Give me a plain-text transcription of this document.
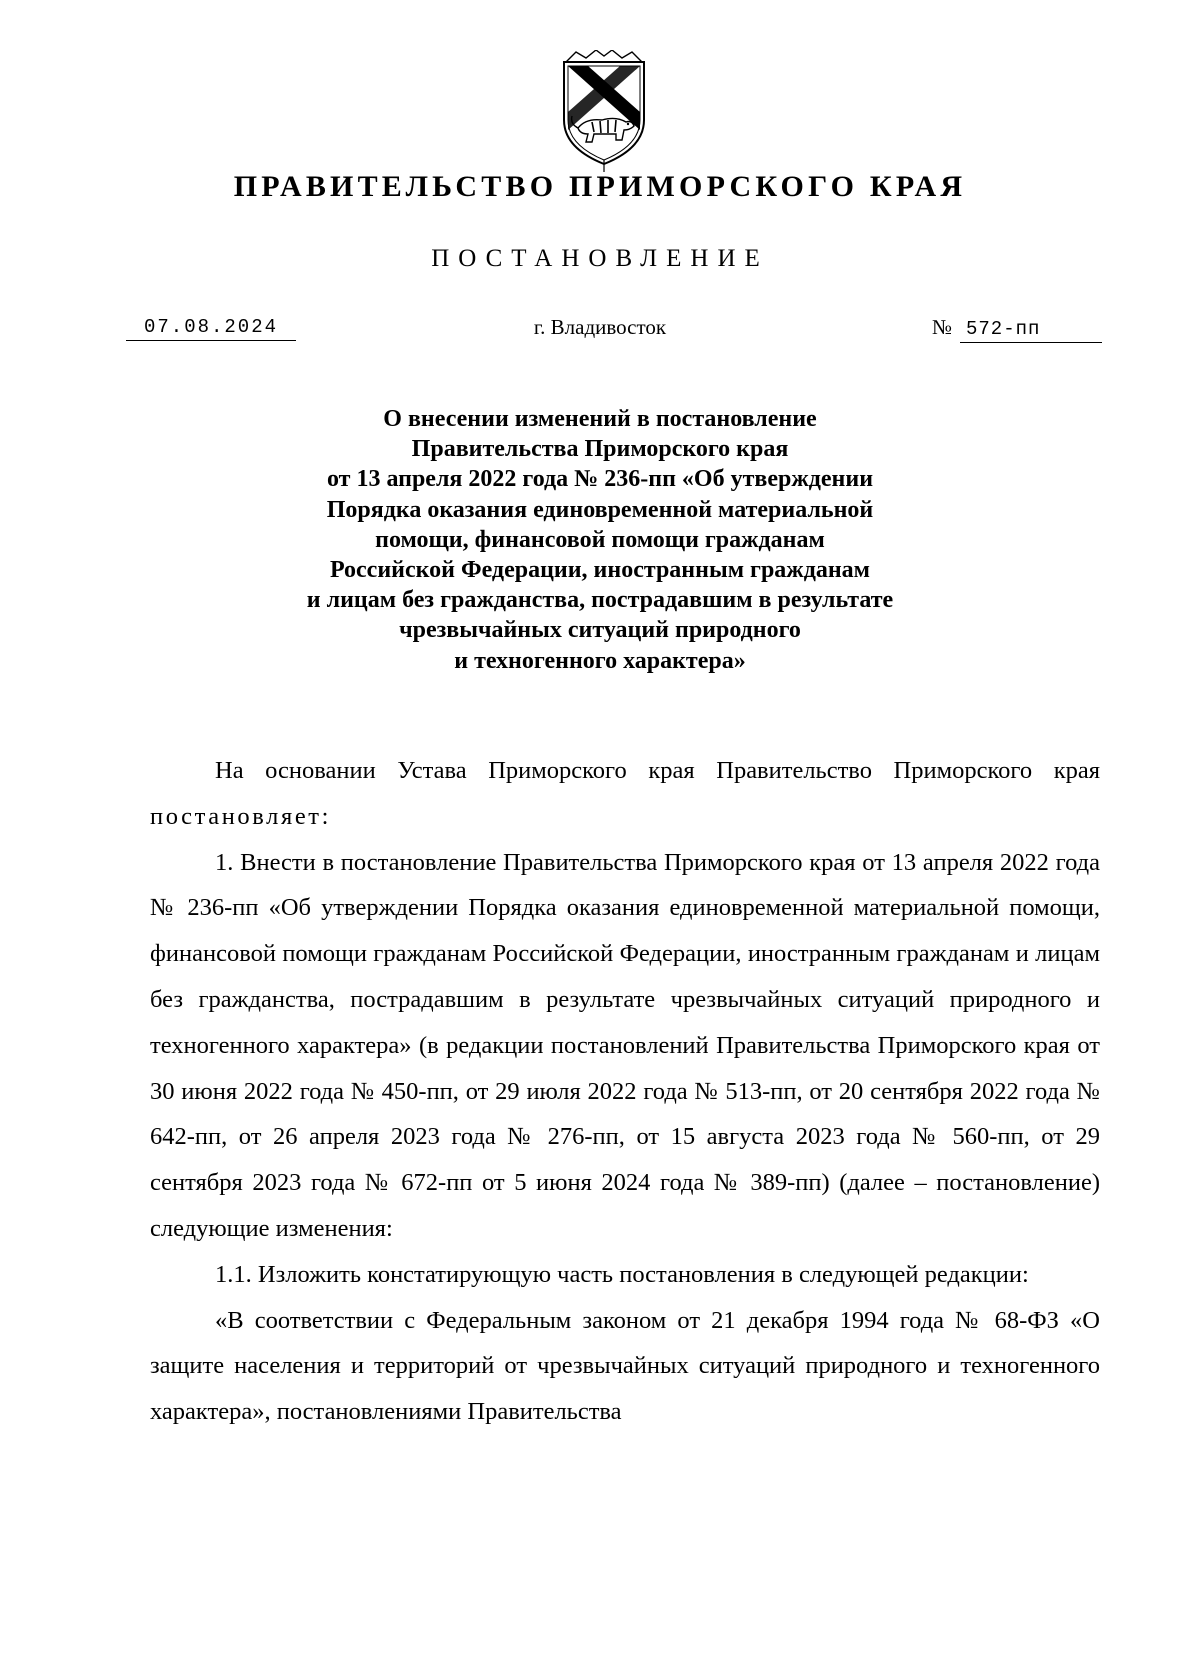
ПРАВИТЕЛЬСТВО ПРИМОРСКОГО КРАЯ
ПОСТАНОВЛЕНИЕ
07.08.2024	г. Владивосток	№ 572-пп
О внесении изменений в постановление
Правительства Приморского края
от 13 апреля 2022 года № 236-пп «Об утверждении
Порядка оказания единовременной материальной
помощи, финансовой помощи гражданам
Российской Федерации, иностранным гражданам
и лицам без гражданства, пострадавшим в результате
чрезвычайных ситуаций природного
и техногенного характера»

На основании Устава Приморского края Правительство Приморского края постановляет:

1. Внести в постановление Правительства Приморского края от 13 апреля 2022 года № 236-пп «Об утверждении Порядка оказания единовременной материальной помощи, финансовой помощи гражданам Российской Федерации, иностранным гражданам и лицам без гражданства, пострадавшим в результате чрезвычайных ситуаций природного и техногенного характера» (в редакции постановлений Правительства Приморского края от 30 июня 2022 года № 450-пп, от 29 июля 2022 года № 513-пп, от 20 сентября 2022 года № 642-пп, от 26 апреля 2023 года № 276-пп, от 15 августа 2023 года № 560-пп, от 29 сентября 2023 года № 672-пп от 5 июня 2024 года № 389-пп) (далее – постановление) следующие изменения:

1.1. Изложить констатирующую часть постановления в следующей редакции:

«В соответствии с Федеральным законом от 21 декабря 1994 года № 68-ФЗ «О защите населения и территорий от чрезвычайных ситуаций природного и техногенного характера», постановлениями Правительства
